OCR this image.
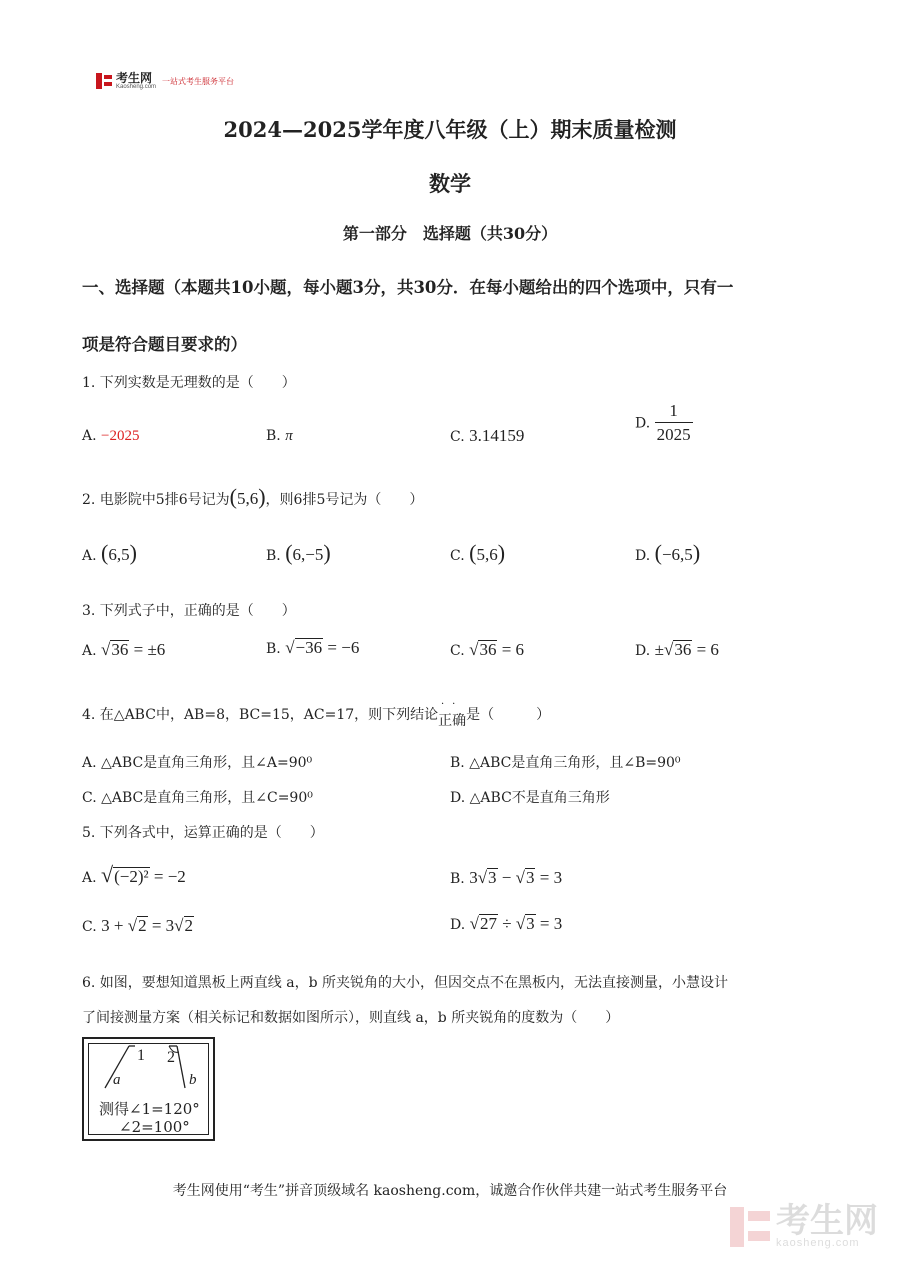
考生网
Kaosheng.com
一站式考生服务平台
2024—2025学年度八年级（上）期末质量检测
数学
第一部分　选择题（共30分）
一、选择题（本题共10小题，每小题3分，共30分．在每小题给出的四个选项中，只有一
项是符合题目要求的）
1. 下列实数是无理数的是（　　）
A. −2025	B. π	C. 3.14159
D. $\frac{1}{2025}$
2. 电影院中5排6号记为(5,6)，则6排5号记为（　　）
A. (6,5)	B. (6,−5)	C. (5,6)	D. (−6,5)
3. 下列式子中，正确的是（　　）
A. √36 = ±6	B. √−36 = −6	C. √36 = 6	D. ±√36 = 6
4. 在△ABC中，AB=8，BC=15，AC=17，则下列结论
··
正确是（　　　）
A. △ABC是直角三角形，且∠A=90⁰	B. △ABC是直角三角形，且∠B=90⁰
C. △ABC是直角三角形，且∠C=90⁰	D. △ABC不是直角三角形
5. 下列各式中，运算正确的是（　　）
A. √(−2)² = −2	B. 3√3 − √3 = 3
C. 3 + √2 = 3√2	D. √27 ÷ √3 = 3
6. 如图，要想知道黑板上两直线 a，b 所夹锐角的大小，但因交点不在黑板内，无法直接测量，小慧设计
了间接测量方案（相关标记和数据如图所示），则直线 a，b 所夹锐角的度数为（　　）
1 2
a	b
测得∠1=120°
∠2=100°
考生网使用“考生”拼音顶级域名 kaosheng.com，诚邀合作伙伴共建一站式考生服务平台
考生网
kaosheng.com
